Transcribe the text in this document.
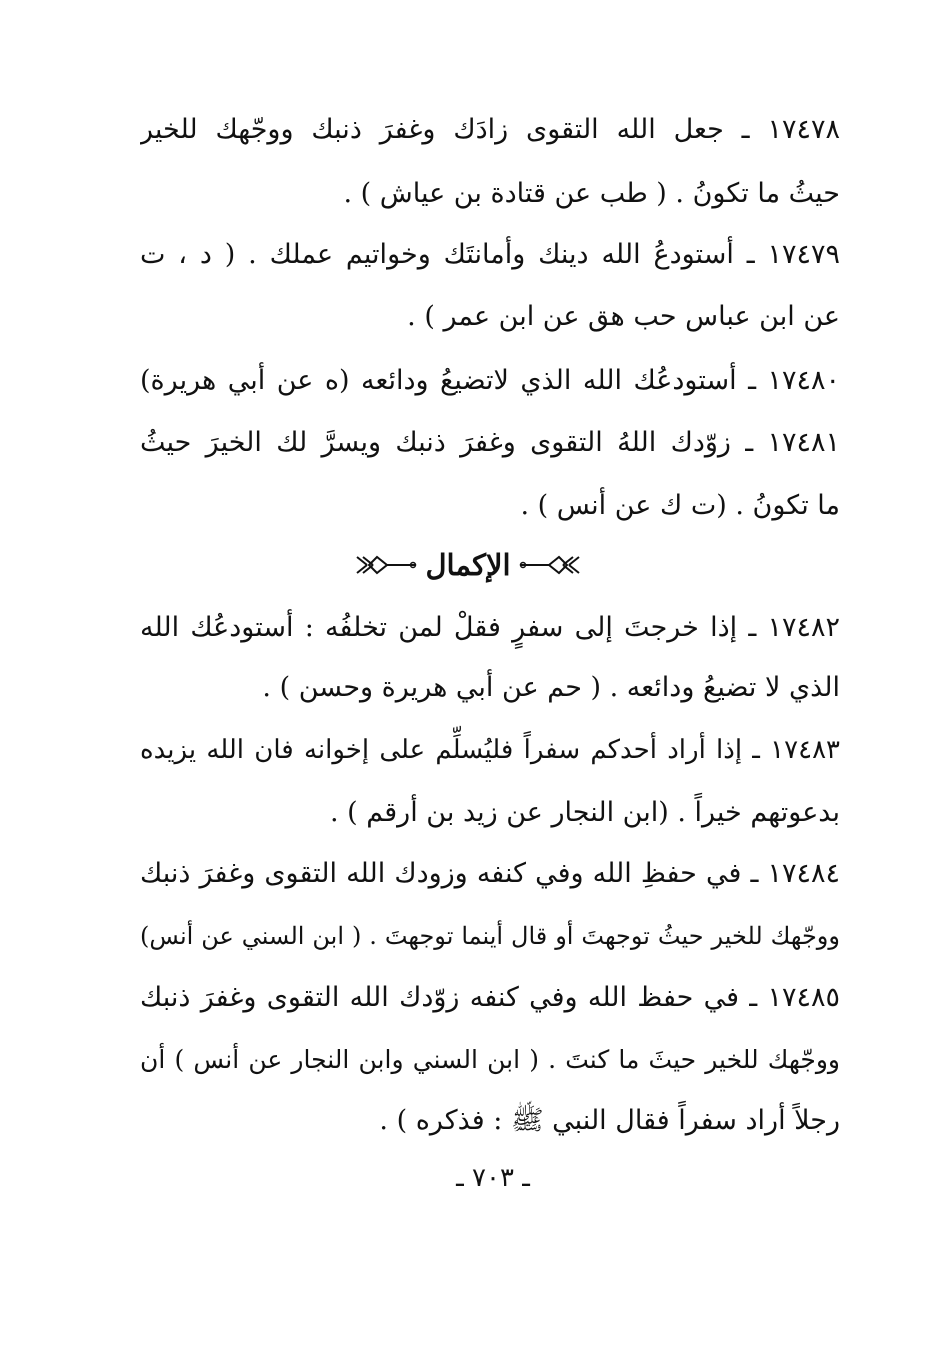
١٧٤٧٨ ـ جعل الله التقوى زادَك وغفرَ ذنبك ووجّهك للخير
حيثُ ما تكونُ . ( طب عن قتادة بن عياش ) .
١٧٤٧٩ ـ أستودعُ الله دينك وأمانتَك وخواتيم عملك . ( د ، ت
عن ابن عباس حب هق عن ابن عمر ) .
١٧٤٨٠ ـ أستودعُك الله الذي لاتضيعُ ودائعه (ه عن أبي هريرة)
١٧٤٨١ ـ زوّدك اللهُ التقوى وغفرَ ذنبك ويسرَّ لك الخيرَ حيثُ
ما تكونُ . (ت ك عن أنس ) .
الإكمال
١٧٤٨٢ ـ إذا خرجتَ إلى سفرٍ فقلْ لمن تخلفُه : أستودعُك الله
الذي لا تضيعُ ودائعه . ( حم عن أبي هريرة وحسن ) .
١٧٤٨٣ ـ إذا أراد أحدكم سفراً فليُسلِّم على إخوانه فان الله يزيده
بدعوتهم خيراً . (ابن النجار عن زيد بن أرقم ) .
١٧٤٨٤ ـ في حفظِ الله وفي كنفه وزودك الله التقوى وغفرَ ذنبك
ووجّهك للخير حيثُ توجهتَ أو قال أينما توجهتَ . ( ابن السني عن أنس)
١٧٤٨٥ ـ في حفظ الله وفي كنفه زوّدك الله التقوى وغفرَ ذنبك
ووجّهك للخير حيثَ ما كنتَ . ( ابن السني وابن النجار عن أنس ) أن
رجلاً أراد سفراً فقال النبي ﷺ : فذكره ) .
ـ ٧٠٣ ـ
